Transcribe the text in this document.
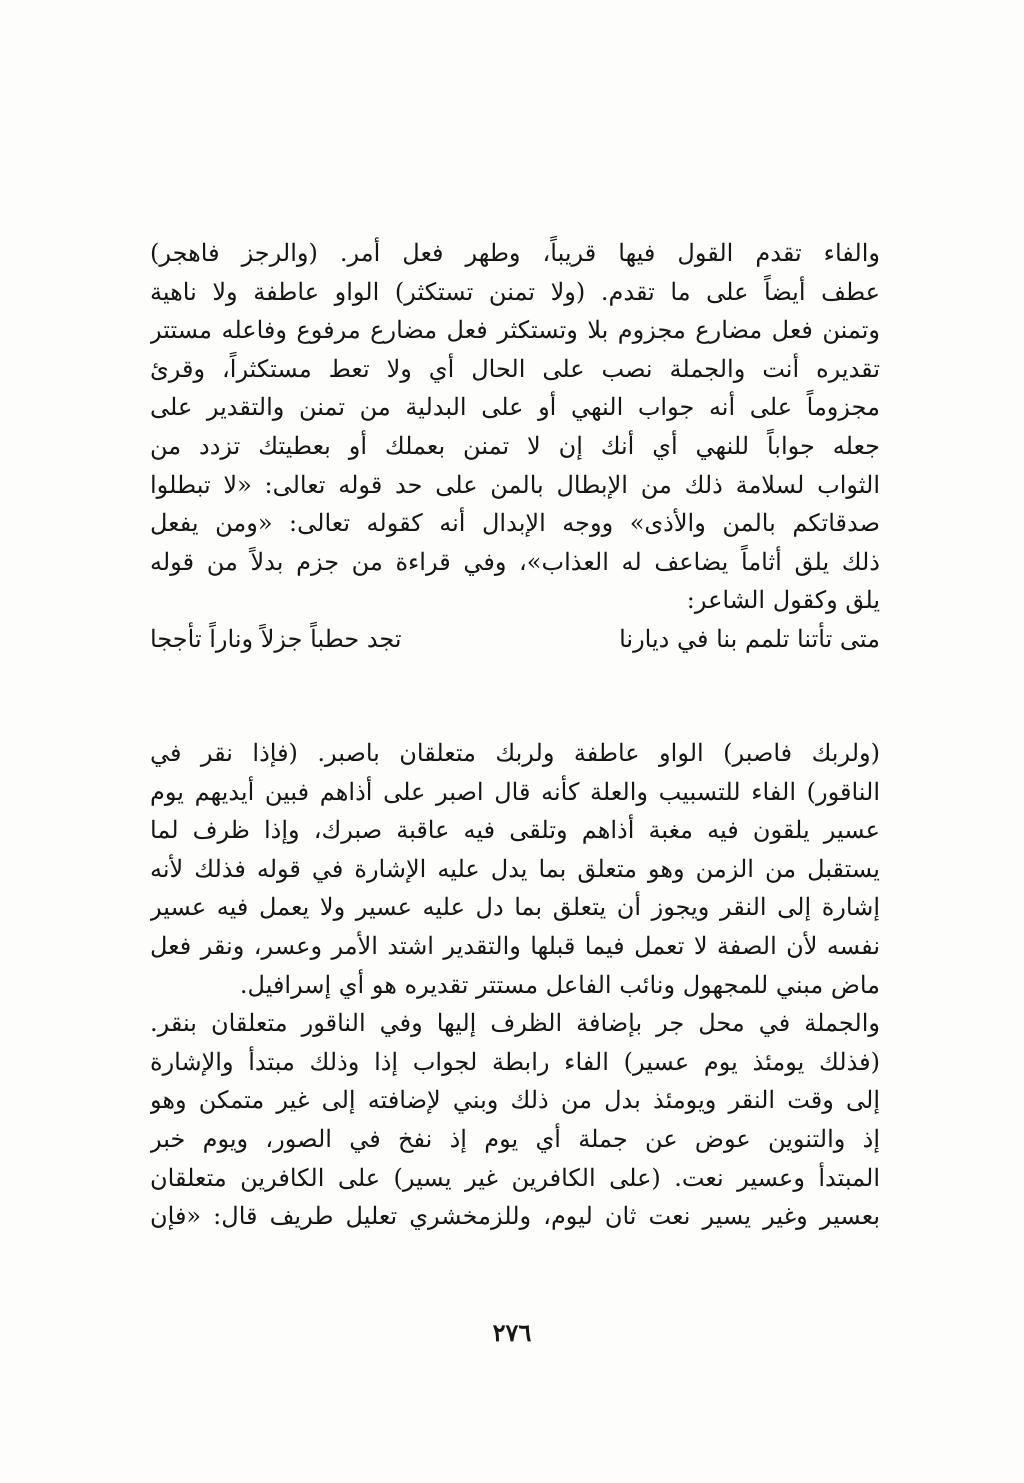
والفاء تقدم القول فيها قريباً، وطهر فعل أمر. (والرجز فاهجر)
عطف أيضاً على ما تقدم. (ولا تمنن تستكثر) الواو عاطفة ولا ناهية
وتمنن فعل مضارع مجزوم بلا وتستكثر فعل مضارع مرفوع وفاعله مستتر
تقديره أنت والجملة نصب على الحال أي ولا تعط مستكثراً، وقرئ
مجزوماً على أنه جواب النهي أو على البدلية من تمنن والتقدير على
جعله جواباً للنهي أي أنك إن لا تمنن بعملك أو بعطيتك تزدد من
الثواب لسلامة ذلك من الإبطال بالمن على حد قوله تعالى: «لا تبطلوا
صدقاتكم بالمن والأذى» ووجه الإبدال أنه كقوله تعالى: «ومن يفعل
ذلك يلق أثاماً يضاعف له العذاب»، وفي قراءة من جزم بدلاً من قوله
يلق وكقول الشاعر:
متى تأتنا تلمم بنا في ديارنا
تجد حطباً جزلاً وناراً تأججا
(ولربك فاصبر) الواو عاطفة ولربك متعلقان باصبر. (فإذا نقر في
الناقور) الفاء للتسبيب والعلة كأنه قال اصبر على أذاهم فبين أيديهم يوم
عسير يلقون فيه مغبة أذاهم وتلقى فيه عاقبة صبرك، وإذا ظرف لما
يستقبل من الزمن وهو متعلق بما يدل عليه الإشارة في قوله فذلك لأنه
إشارة إلى النقر ويجوز أن يتعلق بما دل عليه عسير ولا يعمل فيه عسير
نفسه لأن الصفة لا تعمل فيما قبلها والتقدير اشتد الأمر وعسر، ونقر فعل
ماض مبني للمجهول ونائب الفاعل مستتر تقديره هو أي إسرافيل.
والجملة في محل جر بإضافة الظرف إليها وفي الناقور متعلقان بنقر.
(فذلك يومئذ يوم عسير) الفاء رابطة لجواب إذا وذلك مبتدأ والإشارة
إلى وقت النقر ويومئذ بدل من ذلك وبني لإضافته إلى غير متمكن وهو
إذ والتنوين عوض عن جملة أي يوم إذ نفخ في الصور، ويوم خبر
المبتدأ وعسير نعت. (على الكافرين غير يسير) على الكافرين متعلقان
بعسير وغير يسير نعت ثان ليوم، وللزمخشري تعليل طريف قال: «فإن
٢٧٦
